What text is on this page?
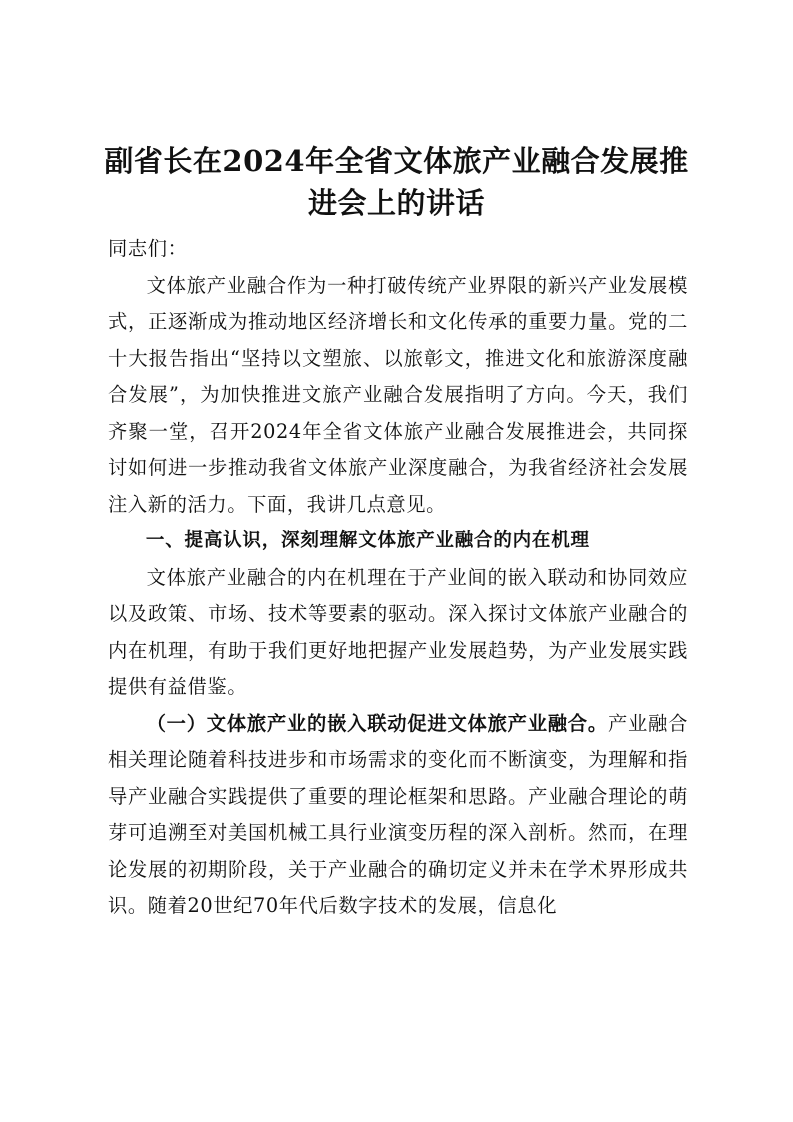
副省长在2024年全省文体旅产业融合发展推
进会上的讲话

同志们：

文体旅产业融合作为一种打破传统产业界限的新兴产业发展模式，正逐渐成为推动地区经济增长和文化传承的重要力量。党的二十大报告指出“坚持以文塑旅、以旅彰文，推进文化和旅游深度融合发展”，为加快推进文旅产业融合发展指明了方向。今天，我们齐聚一堂，召开2024年全省文体旅产业融合发展推进会，共同探讨如何进一步推动我省文体旅产业深度融合，为我省经济社会发展注入新的活力。下面，我讲几点意见。

一、提高认识，深刻理解文体旅产业融合的内在机理

文体旅产业融合的内在机理在于产业间的嵌入联动和协同效应以及政策、市场、技术等要素的驱动。深入探讨文体旅产业融合的内在机理，有助于我们更好地把握产业发展趋势，为产业发展实践提供有益借鉴。

（一）文体旅产业的嵌入联动促进文体旅产业融合。产业融合相关理论随着科技进步和市场需求的变化而不断演变，为理解和指导产业融合实践提供了重要的理论框架和思路。产业融合理论的萌芽可追溯至对美国机械工具行业演变历程的深入剖析。然而，在理论发展的初期阶段，关于产业融合的确切定义并未在学术界形成共识。随着20世纪70年代后数字技术的发展，信息化
